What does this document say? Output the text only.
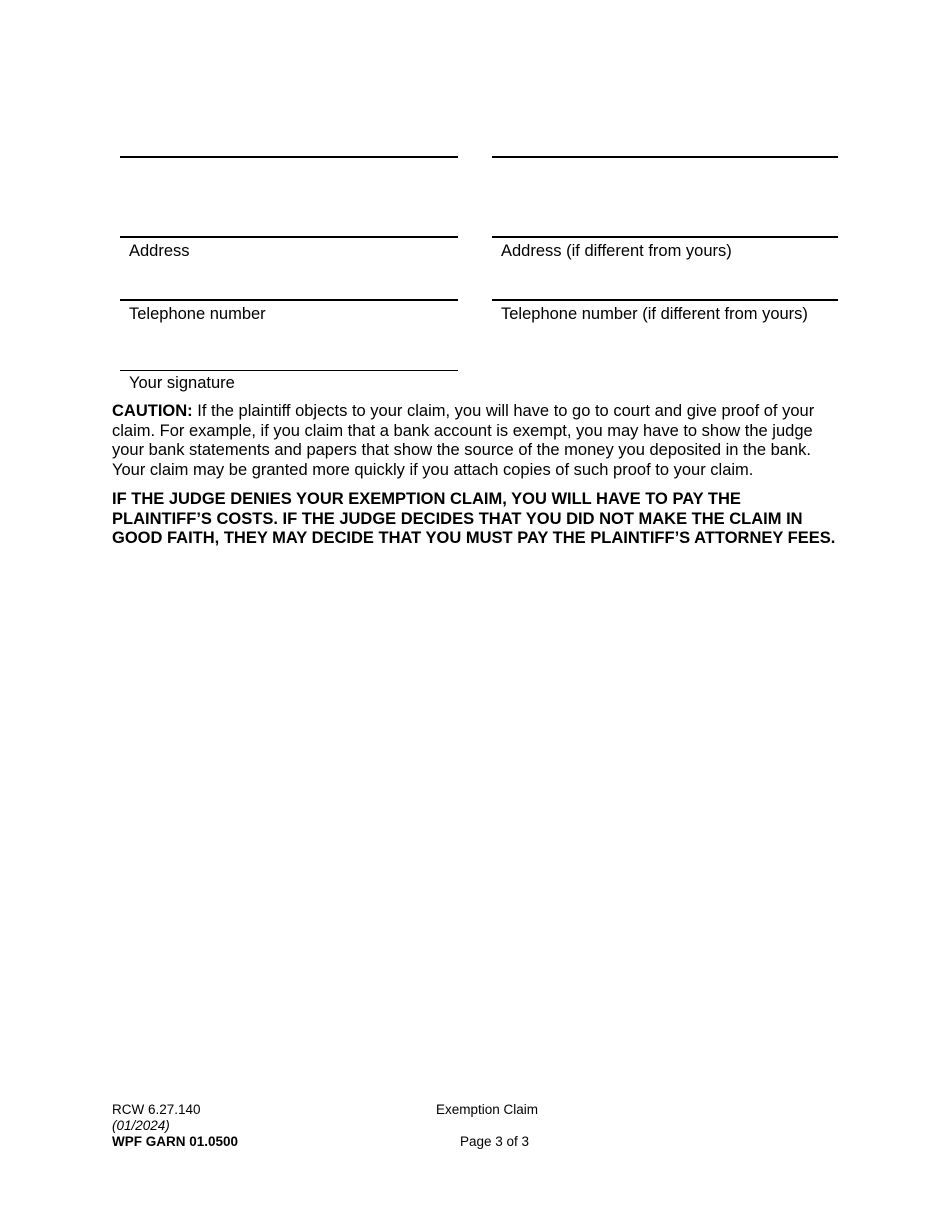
Address	Address (if different from yours)
Telephone number	Telephone number (if different from yours)
Your signature
CAUTION: If the plaintiff objects to your claim, you will have to go to court and give proof of your claim. For example, if you claim that a bank account is exempt, you may have to show the judge your bank statements and papers that show the source of the money you deposited in the bank. Your claim may be granted more quickly if you attach copies of such proof to your claim.
IF THE JUDGE DENIES YOUR EXEMPTION CLAIM, YOU WILL HAVE TO PAY THE PLAINTIFF’S COSTS. IF THE JUDGE DECIDES THAT YOU DID NOT MAKE THE CLAIM IN GOOD FAITH, THEY MAY DECIDE THAT YOU MUST PAY THE PLAINTIFF’S ATTORNEY FEES.
RCW 6.27.140
(01/2024)
WPF GARN 01.0500
Exemption Claim
Page 3 of 3
